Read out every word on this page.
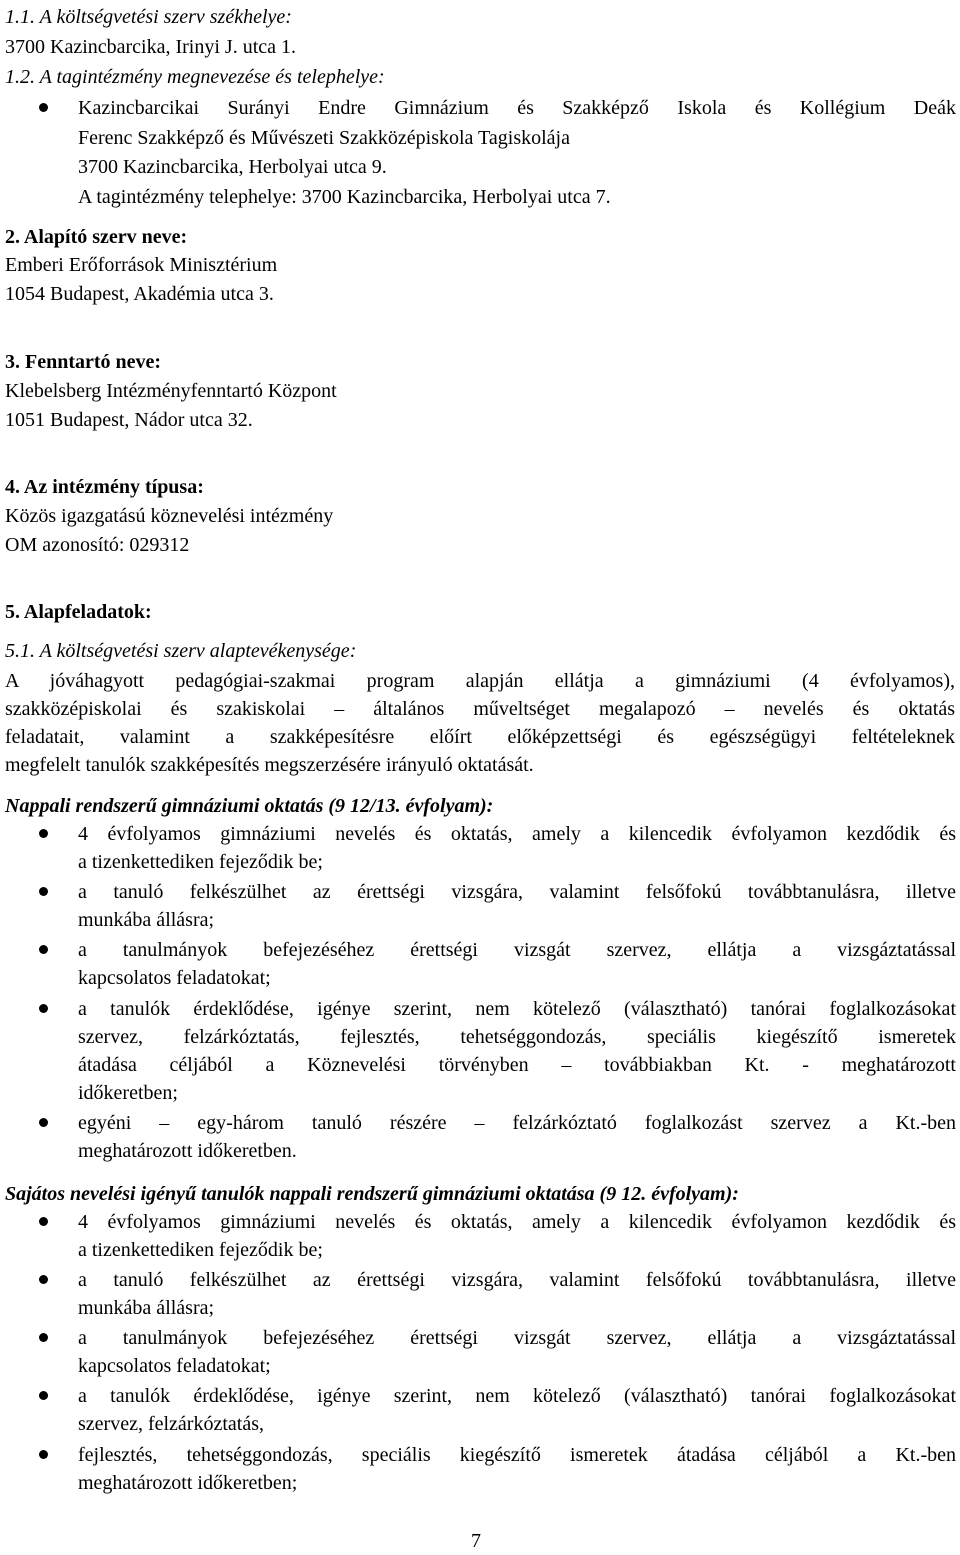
1.1. A költségvetési szerv székhelye:
3700 Kazincbarcika, Irinyi J. utca 1.
1.2. A tagintézmény megnevezése és telephelye:
Kazincbarcikai Surányi Endre Gimnázium és Szakképző Iskola és Kollégium Deák
Ferenc Szakképző és Művészeti Szakközépiskola Tagiskolája
3700 Kazincbarcika, Herbolyai utca 9.
A tagintézmény telephelye: 3700 Kazincbarcika, Herbolyai utca 7.
2. Alapító szerv neve:
Emberi Erőforrások Minisztérium
1054 Budapest, Akadémia utca 3.
3. Fenntartó neve:
Klebelsberg Intézményfenntartó Központ
1051 Budapest, Nádor utca 32.
4. Az intézmény típusa:
Közös igazgatású köznevelési intézmény
OM azonosító: 029312
5. Alapfeladatok:
5.1. A költségvetési szerv alaptevékenysége:
A jóváhagyott pedagógiai-szakmai program alapján ellátja a gimnáziumi (4 évfolyamos),
szakközépiskolai és szakiskolai – általános műveltséget megalapozó – nevelés és oktatás
feladatait, valamint a szakképesítésre előírt előképzettségi és egészségügyi feltételeknek
megfelelt tanulók szakképesítés megszerzésére irányuló oktatását.
Nappali rendszerű gimnáziumi oktatás (9 12/13. évfolyam):
4 évfolyamos gimnáziumi nevelés és oktatás, amely a kilencedik évfolyamon kezdődik és
a tizenkettediken fejeződik be;
a tanuló felkészülhet az érettségi vizsgára, valamint felsőfokú továbbtanulásra, illetve
munkába állásra;
a tanulmányok befejezéséhez érettségi vizsgát szervez, ellátja a vizsgáztatással
kapcsolatos feladatokat;
a tanulók érdeklődése, igénye szerint, nem kötelező (választható) tanórai foglalkozásokat
szervez, felzárkóztatás, fejlesztés, tehetséggondozás, speciális kiegészítő ismeretek
átadása céljából a Köznevelési törvényben – továbbiakban Kt. - meghatározott
időkeretben;
egyéni – egy-három tanuló részére – felzárkóztató foglalkozást szervez a Kt.-ben
meghatározott időkeretben.
Sajátos nevelési igényű tanulók nappali rendszerű gimnáziumi oktatása (9 12. évfolyam):
4 évfolyamos gimnáziumi nevelés és oktatás, amely a kilencedik évfolyamon kezdődik és
a tizenkettediken fejeződik be;
a tanuló felkészülhet az érettségi vizsgára, valamint felsőfokú továbbtanulásra, illetve
munkába állásra;
a tanulmányok befejezéséhez érettségi vizsgát szervez, ellátja a vizsgáztatással
kapcsolatos feladatokat;
a tanulók érdeklődése, igénye szerint, nem kötelező (választható) tanórai foglalkozásokat
szervez, felzárkóztatás,
fejlesztés, tehetséggondozás, speciális kiegészítő ismeretek átadása céljából a Kt.-ben
meghatározott időkeretben;
7
